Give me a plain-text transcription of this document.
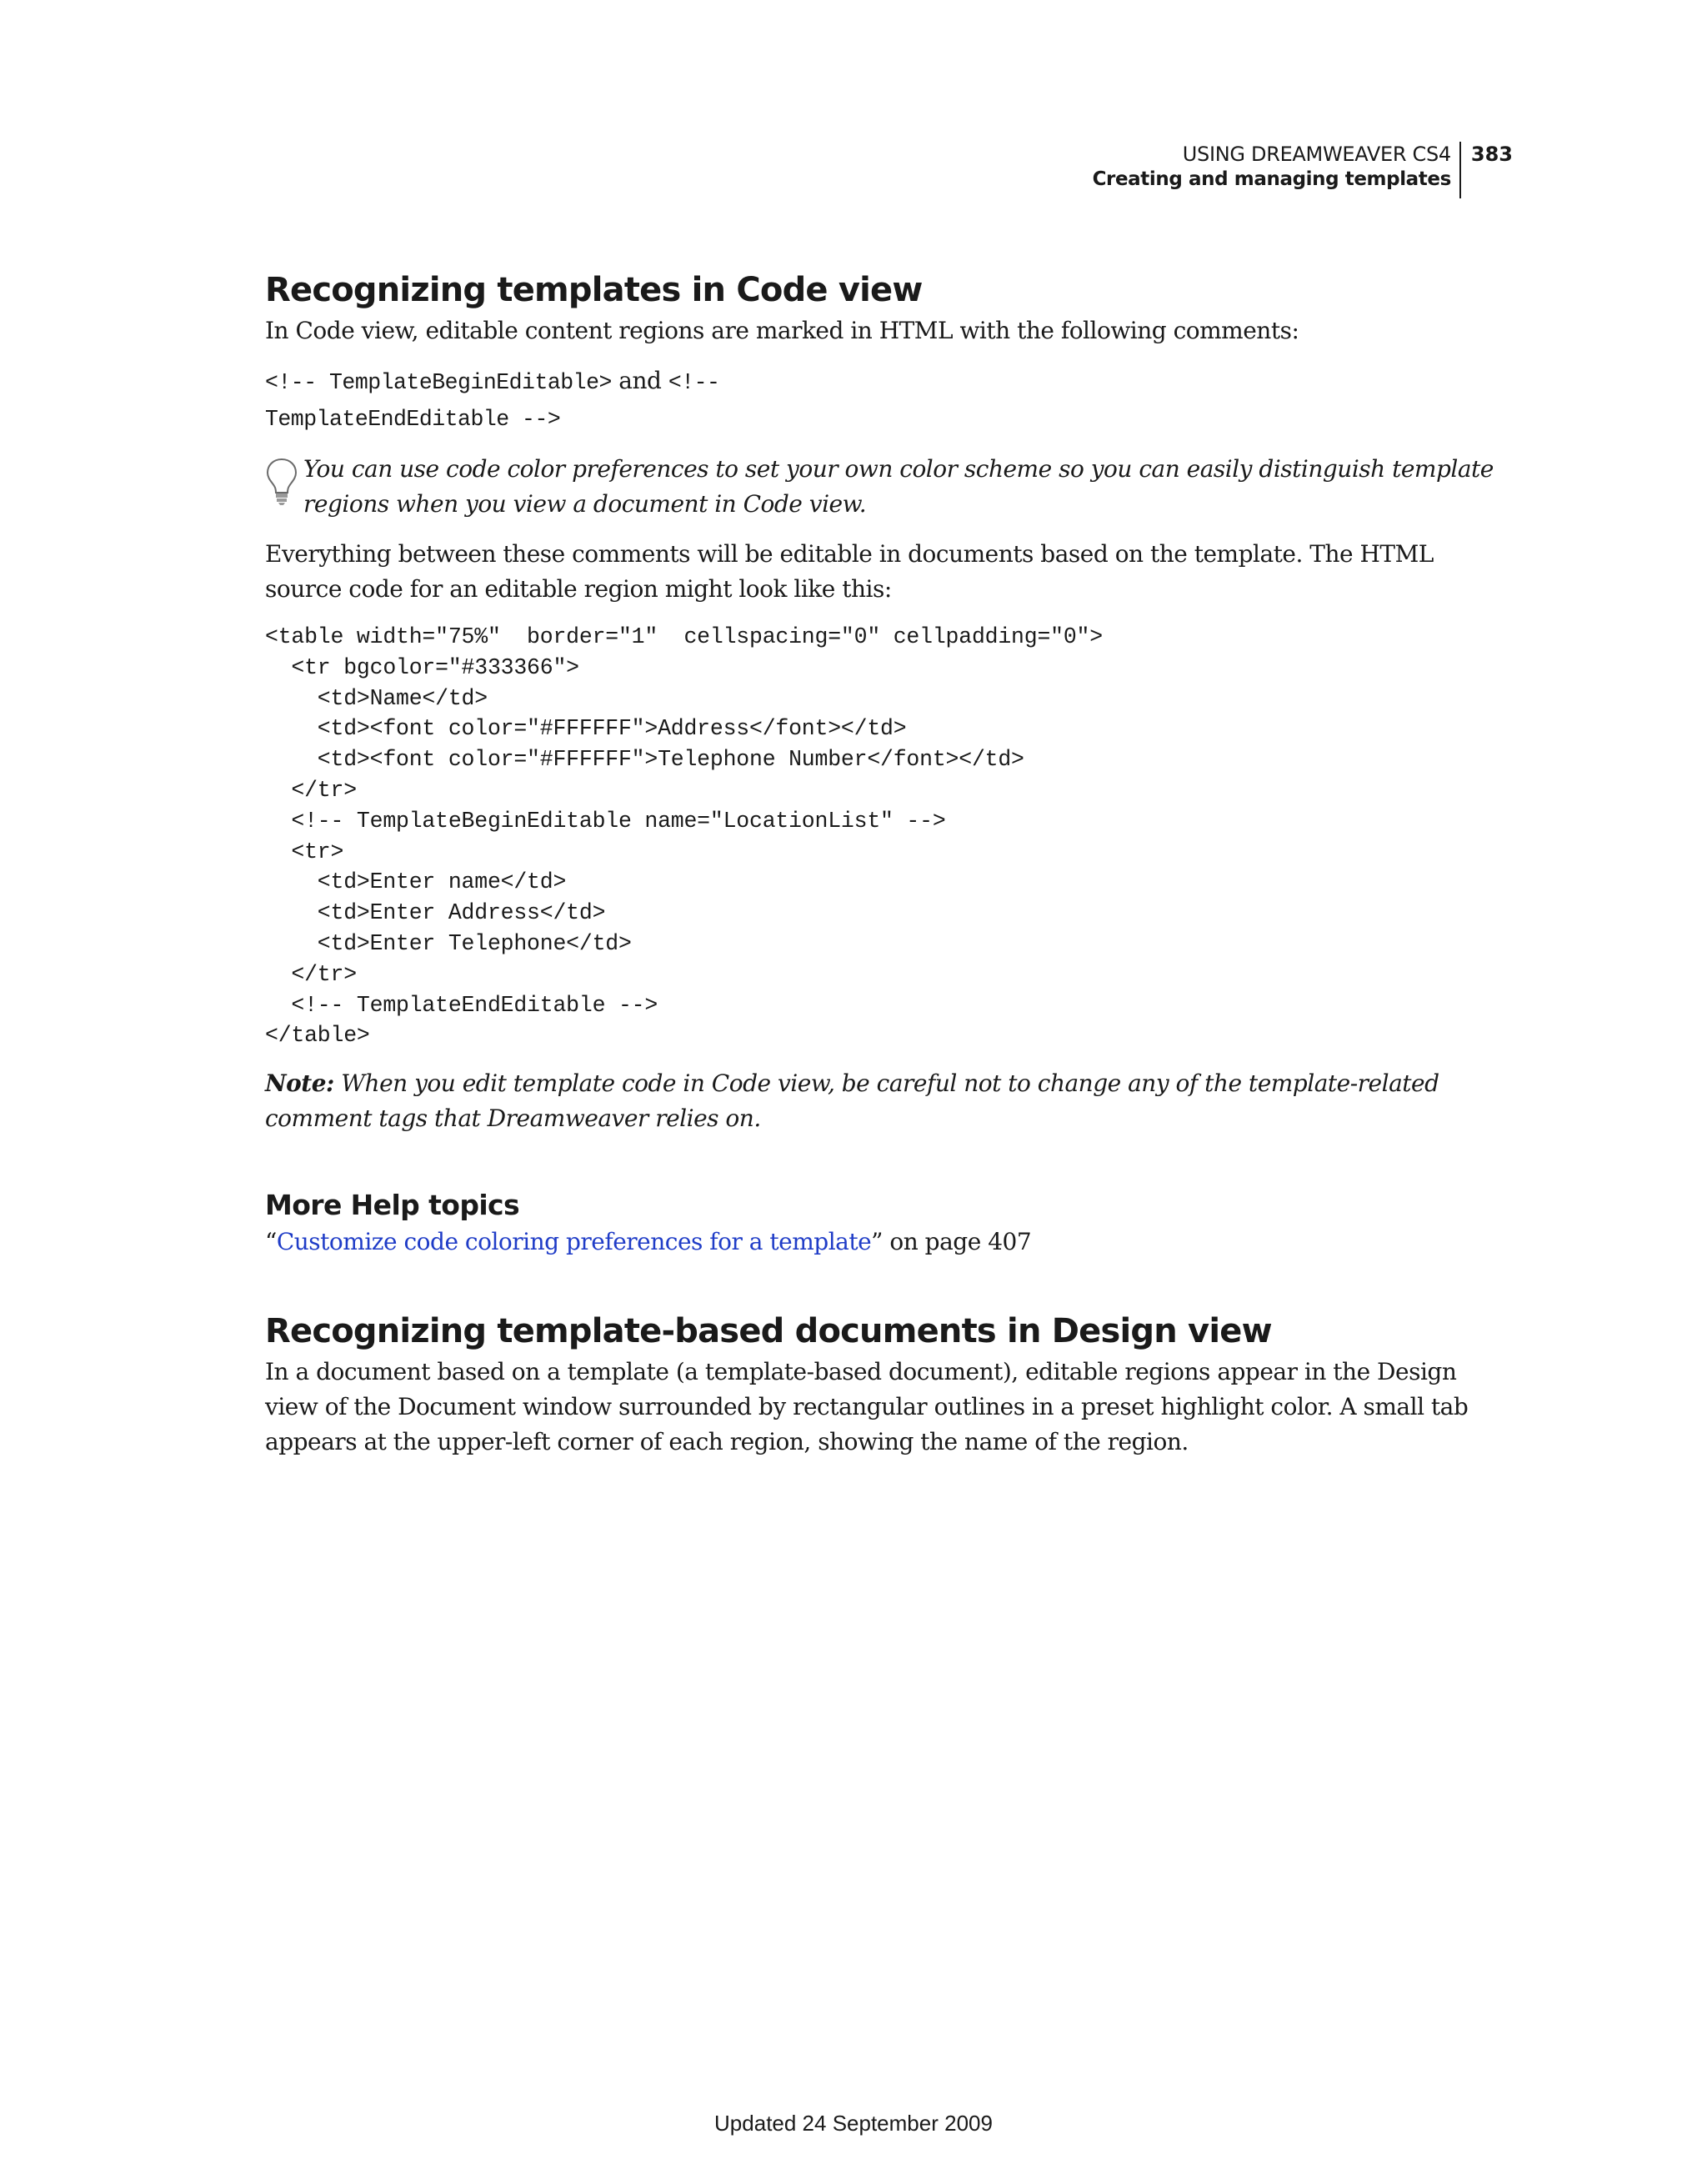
USING DREAMWEAVER CS4
Creating and managing templates
383
Recognizing templates in Code view

In Code view, editable content regions are marked in HTML with the following comments:

<!-- TemplateBeginEditable> and <!--
TemplateEndEditable -->

You can use code color preferences to set your own color scheme so you can easily distinguish template regions when you view a document in Code view.

Everything between these comments will be editable in documents based on the template. The HTML source code for an editable region might look like this:

<table width="75%"  border="1"  cellspacing="0" cellpadding="0">
<tr bgcolor="#333366">
<td>Name</td>
<td><font color="#FFFFFF">Address</font></td>
<td><font color="#FFFFFF">Telephone Number</font></td>
</tr>
<!-- TemplateBeginEditable name="LocationList" -->
<tr>
<td>Enter name</td>
<td>Enter Address</td>
<td>Enter Telephone</td>
</tr>
<!-- TemplateEndEditable -->
</table>

Note: When you edit template code in Code view, be careful not to change any of the template-related comment tags that Dreamweaver relies on.

More Help topics

“Customize code coloring preferences for a template” on page 407

Recognizing template-based documents in Design view

In a document based on a template (a template-based document), editable regions appear in the Design view of the Document window surrounded by rectangular outlines in a preset highlight color. A small tab appears at the upper-left corner of each region, showing the name of the region.

Updated 24 September 2009
